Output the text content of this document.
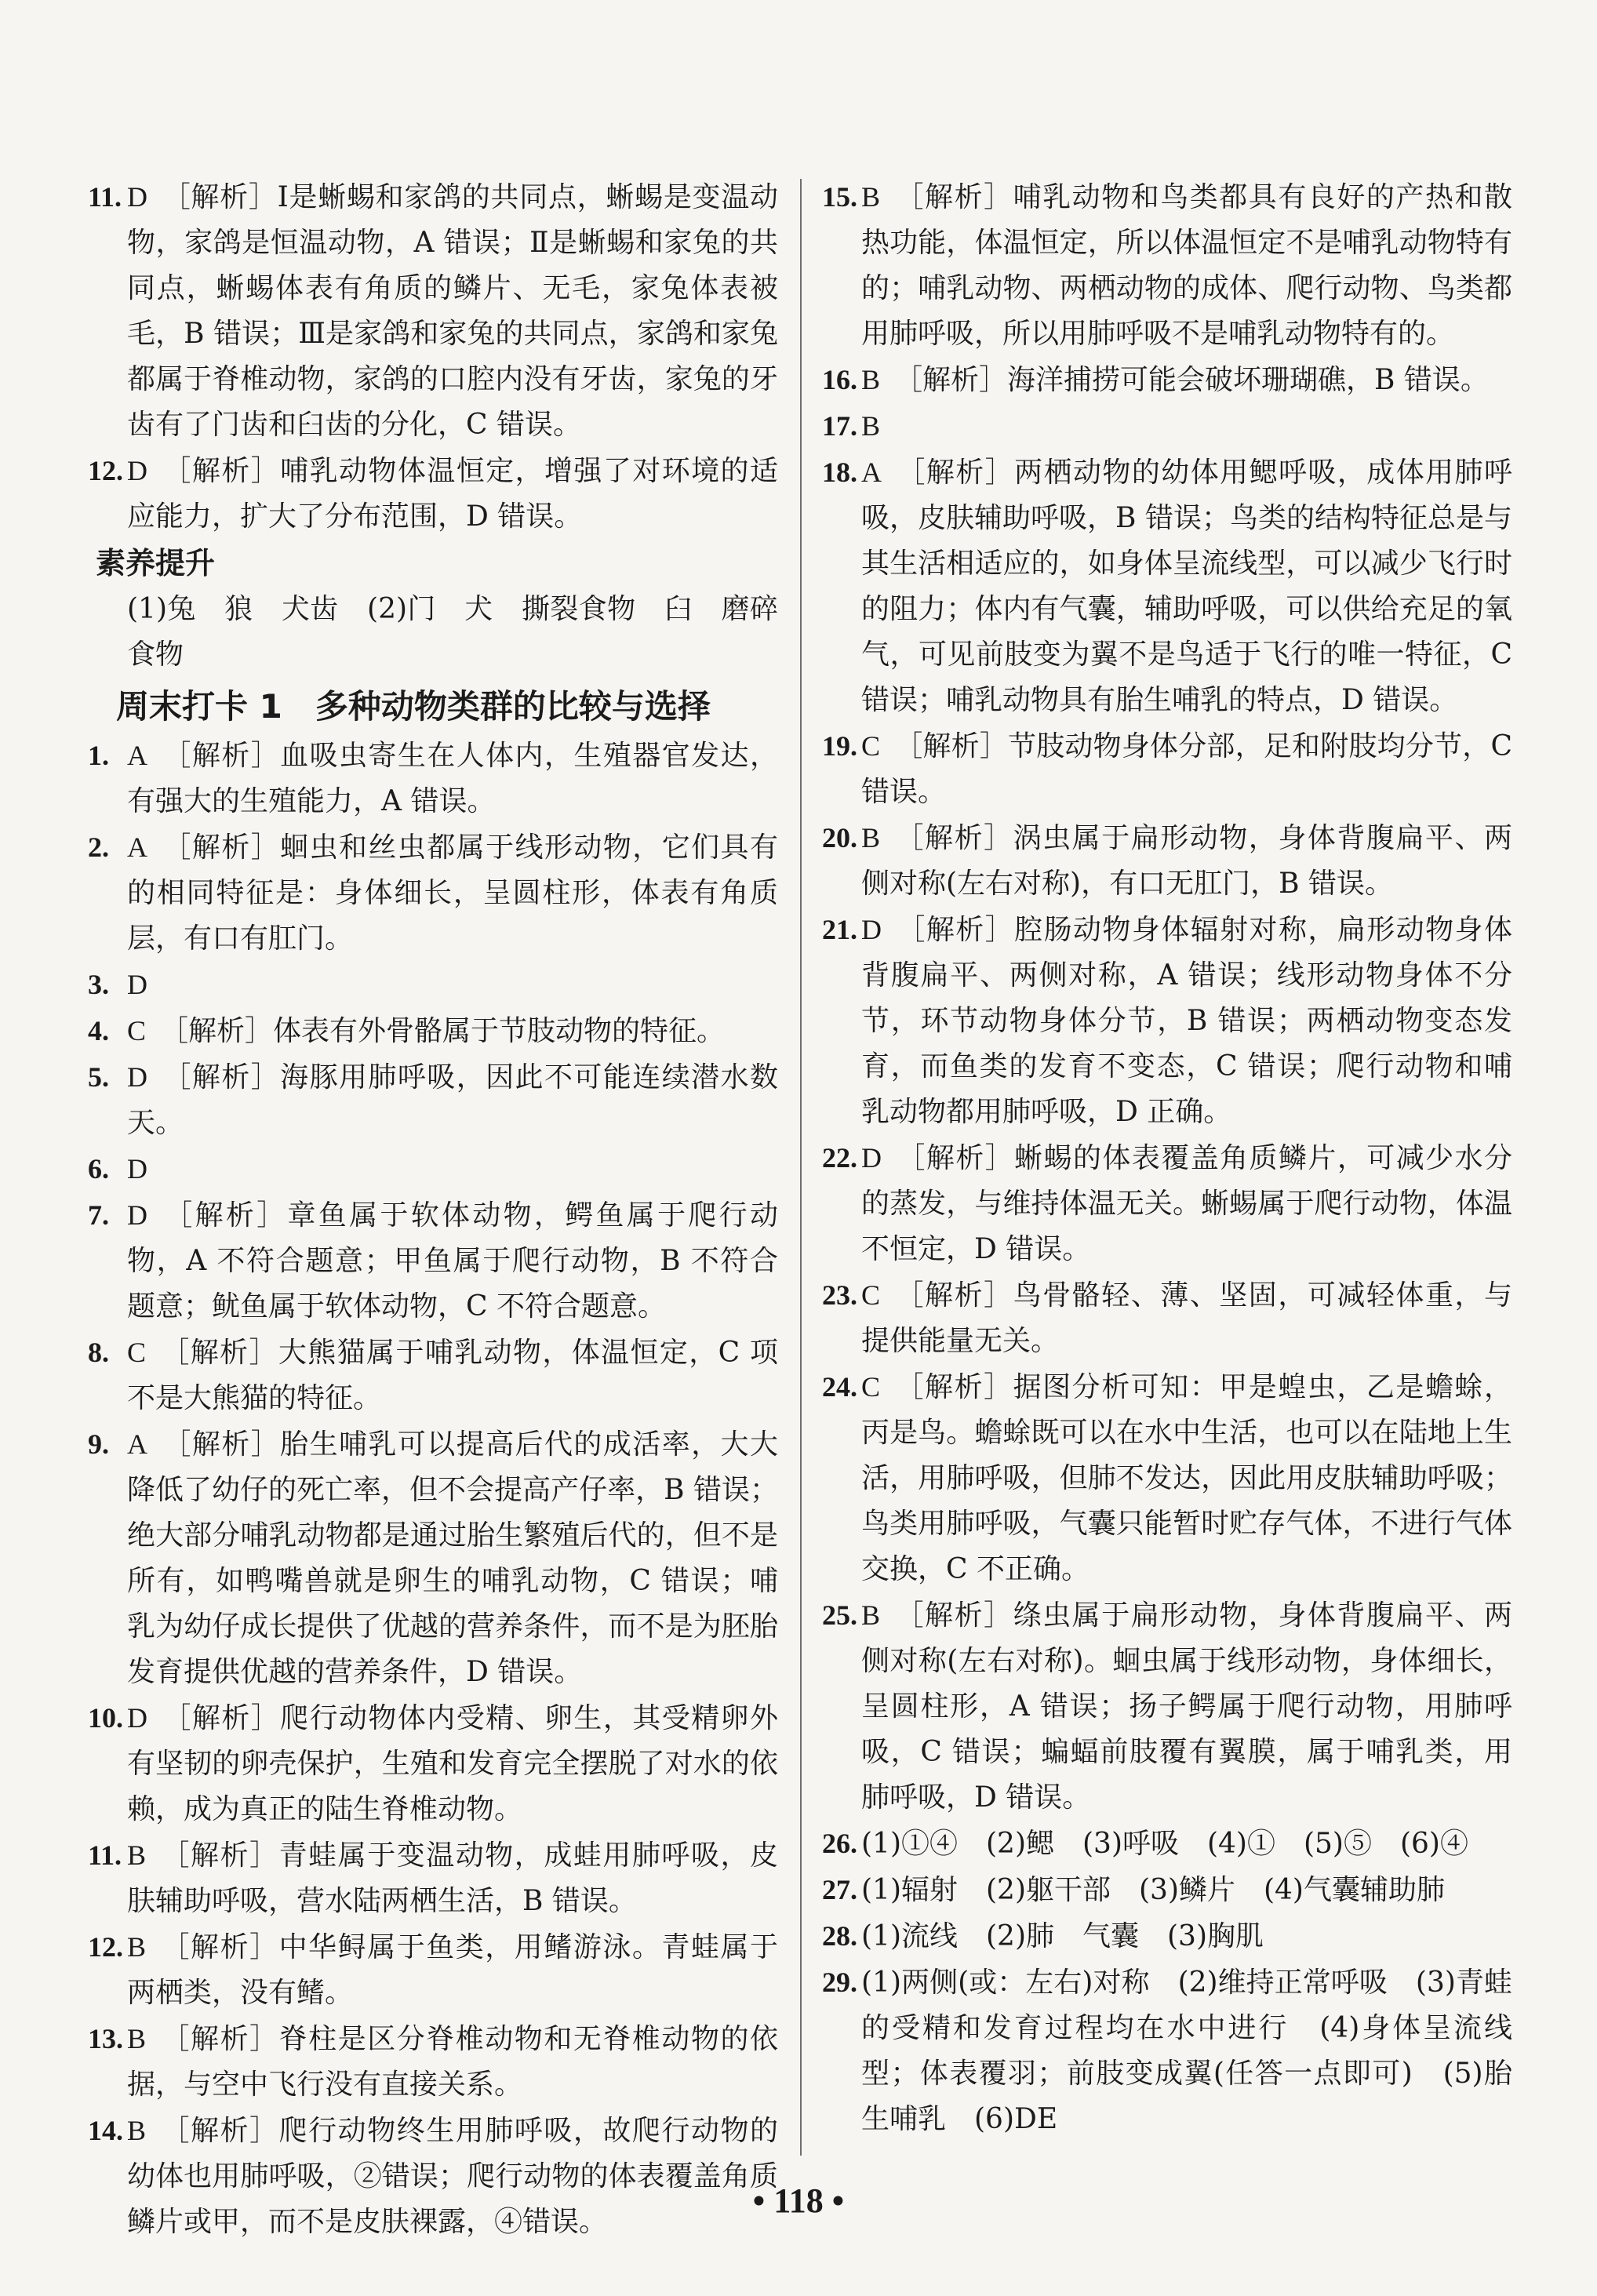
11. D ［解析］Ⅰ是蜥蜴和家鸽的共同点，蜥蜴是变温动物，家鸽是恒温动物，A 错误；Ⅱ是蜥蜴和家兔的共同点，蜥蜴体表有角质的鳞片、无毛，家兔体表被毛，B 错误；Ⅲ是家鸽和家兔的共同点，家鸽和家兔都属于脊椎动物，家鸽的口腔内没有牙齿，家兔的牙齿有了门齿和臼齿的分化，C 错误。
12. D ［解析］哺乳动物体温恒定，增强了对环境的适应能力，扩大了分布范围，D 错误。
素养提升
(1)兔　狼　犬齿　(2)门　犬　撕裂食物　臼　磨碎食物
周末打卡 1　多种动物类群的比较与选择
1. A ［解析］血吸虫寄生在人体内，生殖器官发达，有强大的生殖能力，A 错误。
2. A ［解析］蛔虫和丝虫都属于线形动物，它们具有的相同特征是：身体细长，呈圆柱形，体表有角质层，有口有肛门。
3. D
4. C ［解析］体表有外骨骼属于节肢动物的特征。
5. D ［解析］海豚用肺呼吸，因此不可能连续潜水数天。
6. D
7. D ［解析］章鱼属于软体动物，鳄鱼属于爬行动物，A 不符合题意；甲鱼属于爬行动物，B 不符合题意；鱿鱼属于软体动物，C 不符合题意。
8. C ［解析］大熊猫属于哺乳动物，体温恒定，C 项不是大熊猫的特征。
9. A ［解析］胎生哺乳可以提高后代的成活率，大大降低了幼仔的死亡率，但不会提高产仔率，B 错误；绝大部分哺乳动物都是通过胎生繁殖后代的，但不是所有，如鸭嘴兽就是卵生的哺乳动物，C 错误；哺乳为幼仔成长提供了优越的营养条件，而不是为胚胎发育提供优越的营养条件，D 错误。
10. D ［解析］爬行动物体内受精、卵生，其受精卵外有坚韧的卵壳保护，生殖和发育完全摆脱了对水的依赖，成为真正的陆生脊椎动物。
11. B ［解析］青蛙属于变温动物，成蛙用肺呼吸，皮肤辅助呼吸，营水陆两栖生活，B 错误。
12. B ［解析］中华鲟属于鱼类，用鳍游泳。青蛙属于两栖类，没有鳍。
13. B ［解析］脊柱是区分脊椎动物和无脊椎动物的依据，与空中飞行没有直接关系。
14. B ［解析］爬行动物终生用肺呼吸，故爬行动物的幼体也用肺呼吸，②错误；爬行动物的体表覆盖角质鳞片或甲，而不是皮肤裸露，④错误。
15. B ［解析］哺乳动物和鸟类都具有良好的产热和散热功能，体温恒定，所以体温恒定不是哺乳动物特有的；哺乳动物、两栖动物的成体、爬行动物、鸟类都用肺呼吸，所以用肺呼吸不是哺乳动物特有的。
16. B ［解析］海洋捕捞可能会破坏珊瑚礁，B 错误。
17. B
18. A ［解析］两栖动物的幼体用鳃呼吸，成体用肺呼吸，皮肤辅助呼吸，B 错误；鸟类的结构特征总是与其生活相适应的，如身体呈流线型，可以减少飞行时的阻力；体内有气囊，辅助呼吸，可以供给充足的氧气，可见前肢变为翼不是鸟适于飞行的唯一特征，C 错误；哺乳动物具有胎生哺乳的特点，D 错误。
19. C ［解析］节肢动物身体分部，足和附肢均分节，C 错误。
20. B ［解析］涡虫属于扁形动物，身体背腹扁平、两侧对称(左右对称)，有口无肛门，B 错误。
21. D ［解析］腔肠动物身体辐射对称，扁形动物身体背腹扁平、两侧对称，A 错误；线形动物身体不分节，环节动物身体分节，B 错误；两栖动物变态发育，而鱼类的发育不变态，C 错误；爬行动物和哺乳动物都用肺呼吸，D 正确。
22. D ［解析］蜥蜴的体表覆盖角质鳞片，可减少水分的蒸发，与维持体温无关。蜥蜴属于爬行动物，体温不恒定，D 错误。
23. C ［解析］鸟骨骼轻、薄、坚固，可减轻体重，与提供能量无关。
24. C ［解析］据图分析可知：甲是蝗虫，乙是蟾蜍，丙是鸟。蟾蜍既可以在水中生活，也可以在陆地上生活，用肺呼吸，但肺不发达，因此用皮肤辅助呼吸；鸟类用肺呼吸，气囊只能暂时贮存气体，不进行气体交换，C 不正确。
25. B ［解析］绦虫属于扁形动物，身体背腹扁平、两侧对称(左右对称)。蛔虫属于线形动物，身体细长，呈圆柱形，A 错误；扬子鳄属于爬行动物，用肺呼吸，C 错误；蝙蝠前肢覆有翼膜，属于哺乳类，用肺呼吸，D 错误。
26. (1)①④　(2)鳃　(3)呼吸　(4)①　(5)⑤　(6)④
27. (1)辐射　(2)躯干部　(3)鳞片　(4)气囊辅助肺
28. (1)流线　(2)肺　气囊　(3)胸肌
29. (1)两侧(或：左右)对称　(2)维持正常呼吸　(3)青蛙的受精和发育过程均在水中进行　(4)身体呈流线型；体表覆羽；前肢变成翼(任答一点即可)　(5)胎生哺乳　(6)DE
• 118 •
